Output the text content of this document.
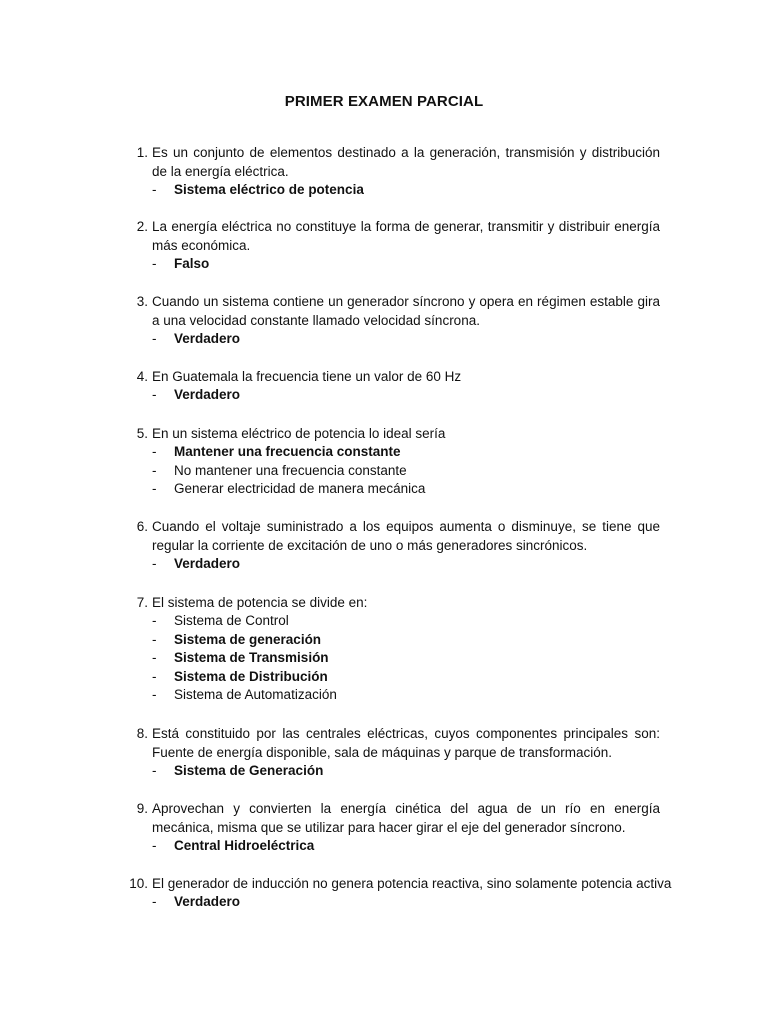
PRIMER EXAMEN PARCIAL
1. Es un conjunto de elementos destinado a la generación, transmisión y distribución de la energía eléctrica.
- Sistema eléctrico de potencia
2. La energía eléctrica no constituye la forma de generar, transmitir y distribuir energía más económica.
- Falso
3. Cuando un sistema contiene un generador síncrono y opera en régimen estable gira a una velocidad constante llamado velocidad síncrona.
- Verdadero
4. En Guatemala la frecuencia tiene un valor de 60 Hz
- Verdadero
5. En un sistema eléctrico de potencia lo ideal sería
- Mantener una frecuencia constante
- No mantener una frecuencia constante
- Generar electricidad de manera mecánica
6. Cuando el voltaje suministrado a los equipos aumenta o disminuye, se tiene que regular la corriente de excitación de uno o más generadores sincrónicos.
- Verdadero
7. El sistema de potencia se divide en:
- Sistema de Control
- Sistema de generación
- Sistema de Transmisión
- Sistema de Distribución
- Sistema de Automatización
8. Está constituido por las centrales eléctricas, cuyos componentes principales son: Fuente de energía disponible, sala de máquinas y parque de transformación.
- Sistema de Generación
9. Aprovechan y convierten la energía cinética del agua de un río en energía mecánica, misma que se utilizar para hacer girar el eje del generador síncrono.
- Central Hidroeléctrica
10. El generador de inducción no genera potencia reactiva, sino solamente potencia activa
- Verdadero
